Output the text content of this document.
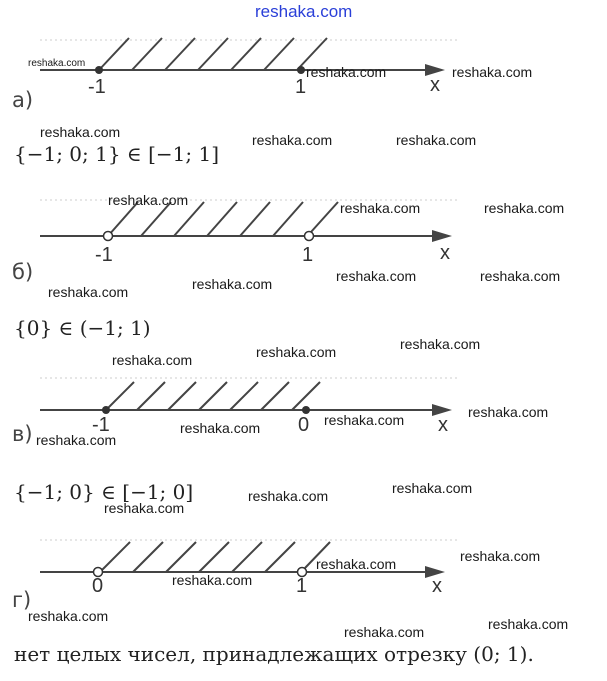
reshaka.com
-1	1	x
а)
{−1; 0; 1} ∈ [−1; 1]
-1	1	x
б)
{0} ∈ (−1; 1)
-1	0	x
в)
{−1; 0} ∈ [−1; 0]
0	1	x
г)
нет целых чисел, принадлежащих отрезку (0; 1).
reshaka.com
reshaka.com	reshaka.com
reshaka.com	reshaka.com	reshaka.com
reshaka.com	reshaka.com	reshaka.com
reshaka.com	reshaka.com
reshaka.com
reshaka.com
reshaka.com
reshaka.com
reshaka.com
reshaka.com
reshaka.com
reshaka.com
reshaka.com
reshaka.com
reshaka.com
reshaka.com
reshaka.com
reshaka.com
reshaka.com
reshaka.com	reshaka.com
reshaka.com
